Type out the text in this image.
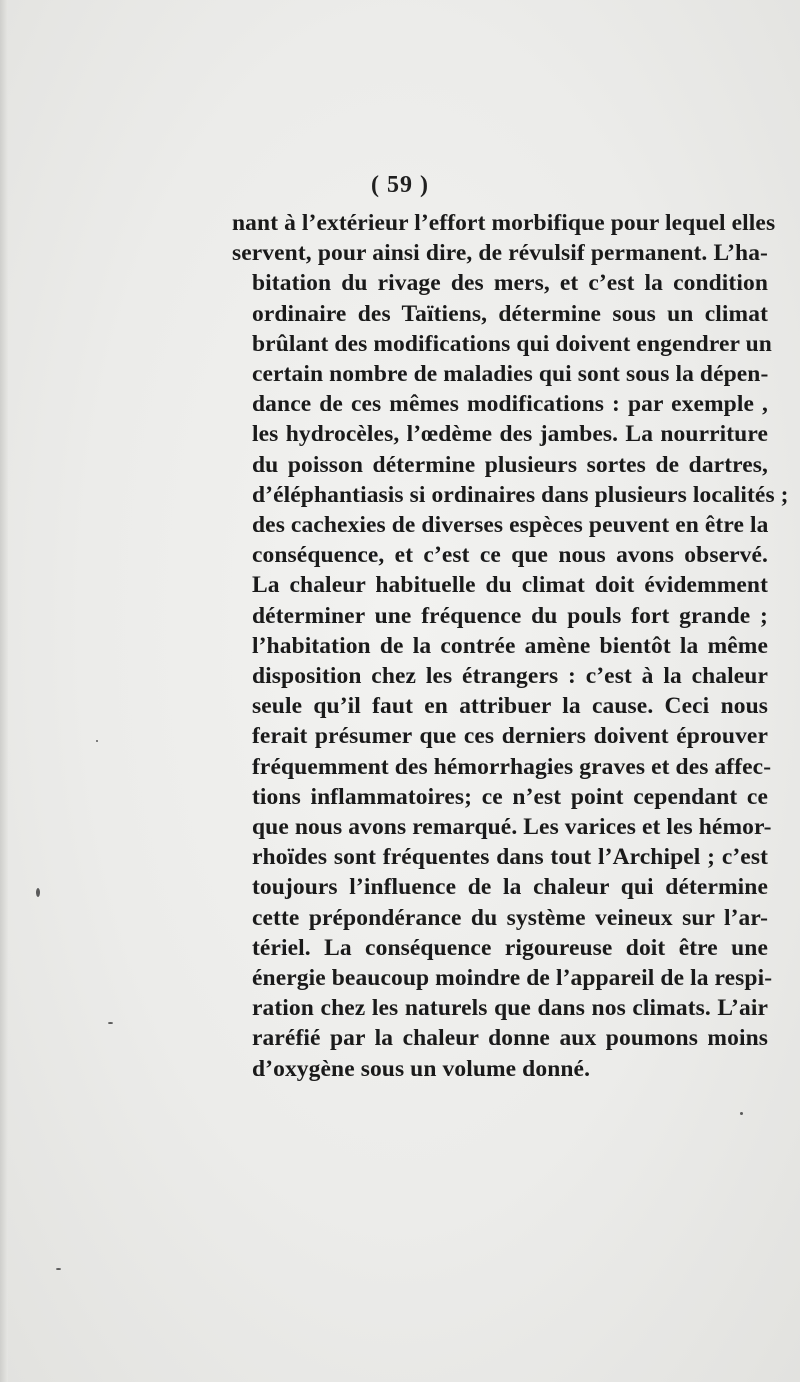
( 59 )
nant à l’extérieur l’effort morbifique pour lequel elles
servent, pour ainsi dire, de révulsif permanent. L’ha-
bitation du rivage des mers, et c’est la condition
ordinaire des Taïtiens, détermine sous un climat
brûlant des modifications qui doivent engendrer un
certain nombre de maladies qui sont sous la dépen-
dance de ces mêmes modifications : par exemple ,
les hydrocèles, l’œdème des jambes. La nourriture
du poisson détermine plusieurs sortes de dartres,
d’éléphantiasis si ordinaires dans plusieurs localités ;
des cachexies de diverses espèces peuvent en être la
conséquence, et c’est ce que nous avons observé.
La chaleur habituelle du climat doit évidemment
déterminer une fréquence du pouls fort grande ;
l’habitation de la contrée amène bientôt la même
disposition chez les étrangers : c’est à la chaleur
seule qu’il faut en attribuer la cause. Ceci nous
ferait présumer que ces derniers doivent éprouver
fréquemment des hémorrhagies graves et des affec-
tions inflammatoires; ce n’est point cependant ce
que nous avons remarqué. Les varices et les hémor-
rhoïdes sont fréquentes dans tout l’Archipel ; c’est
toujours l’influence de la chaleur qui détermine
cette prépondérance du système veineux sur l’ar-
tériel. La conséquence rigoureuse doit être une
énergie beaucoup moindre de l’appareil de la respi-
ration chez les naturels que dans nos climats. L’air
raréfié par la chaleur donne aux poumons moins
d’oxygène sous un volume donné.
